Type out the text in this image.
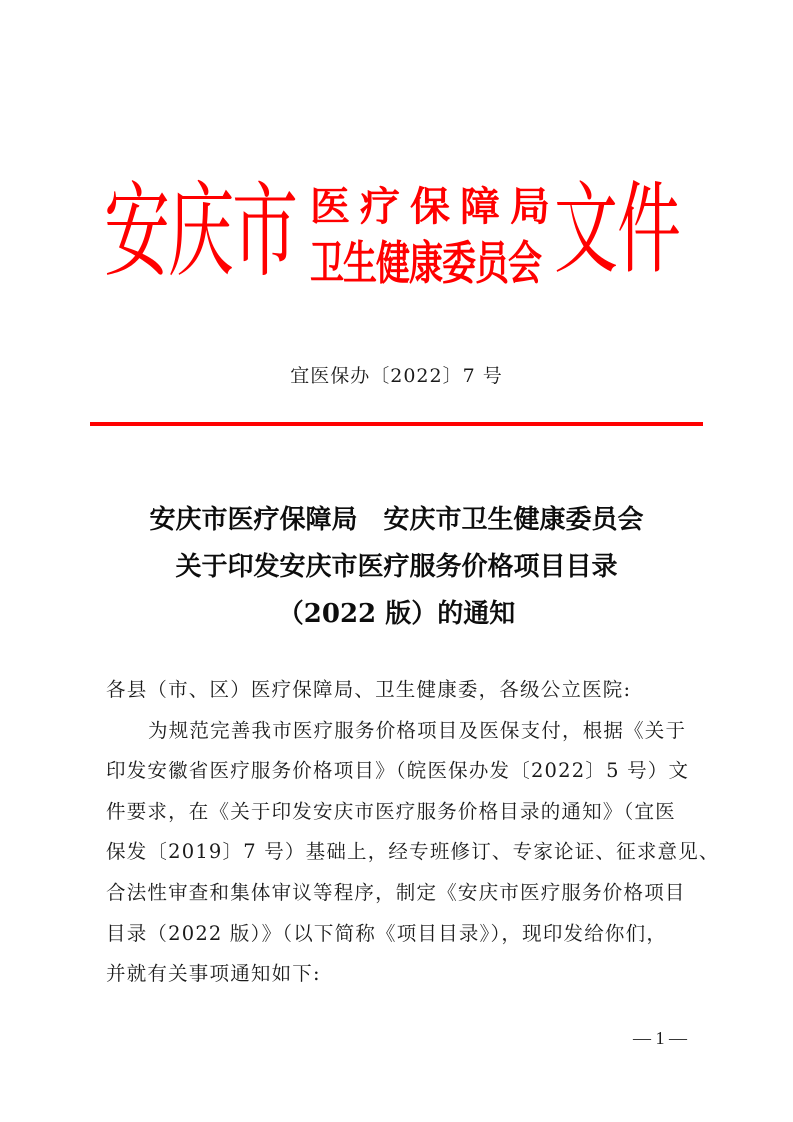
安庆市 医疗保障局
卫生健康委员会 文件
宜医保办〔2022〕7 号
安庆市医疗保障局　安庆市卫生健康委员会
关于印发安庆市医疗服务价格项目目录
（2022 版）的通知
各县（市、区）医疗保障局、卫生健康委，各级公立医院:
为规范完善我市医疗服务价格项目及医保支付，根据《关于
印发安徽省医疗服务价格项目》（皖医保办发〔2022〕5 号）文
件要求，在《关于印发安庆市医疗服务价格目录的通知》（宜医
保发〔2019〕7 号）基础上，经专班修订、专家论证、征求意见、
合法性审查和集体审议等程序，制定《安庆市医疗服务价格项目
目录（2022 版）》（以下简称《项目目录》），现印发给你们，
并就有关事项通知如下:
— 1 —
